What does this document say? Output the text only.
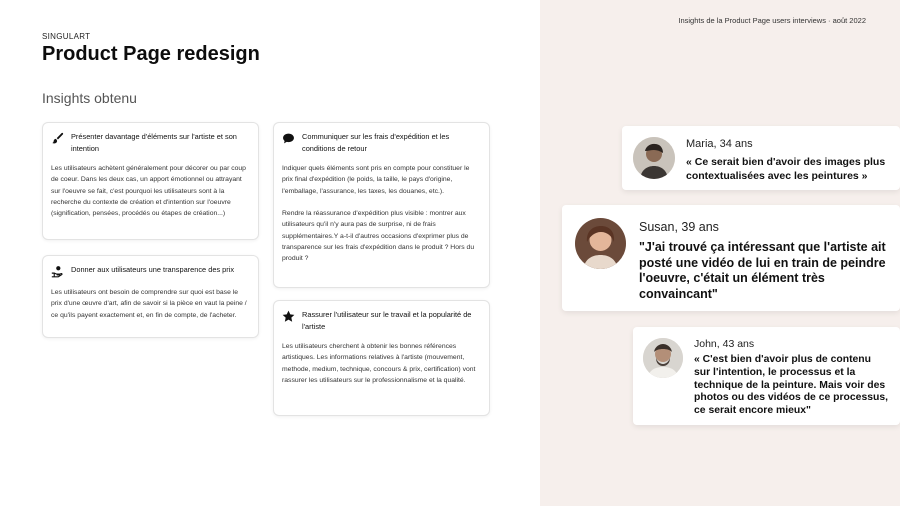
Insights de la Product Page users interviews · août 2022
SINGULART
Product Page redesign
Insights obtenu
Présenter davantage d'éléments sur l'artiste et son intention
Les utilisateurs achètent généralement pour décorer ou par coup de coeur. Dans les deux cas, un apport émotionnel ou attrayant sur l'oeuvre se fait, c'est pourquoi les utilisateurs sont à la recherche du contexte de création et d'intention sur l'oeuvre (signification, pensées, procédés ou étapes de création...)
Donner aux utilisateurs une transparence des prix
Les utilisateurs ont besoin de comprendre sur quoi est base le prix d'une œuvre d'art, afin de savoir si la pièce en vaut la peine / ce qu'ils payent exactement et, en fin de compte, de l'acheter.
Communiquer sur les frais d'expédition et les conditions de retour
Indiquer quels éléments sont pris en compte pour constituer le prix final d'expédition (le poids, la taille, le pays d'origine, l'emballage, l'assurance, les taxes, les douanes, etc.).

Rendre la réassurance d'expédition plus visible : montrer aux utilisateurs qu'il n'y aura pas de surprise, ni de frais supplémentaires.Y a-t-il d'autres occasions d'exprimer plus de transparence sur les frais d'expédition dans le produit ? Hors du produit ?
Rassurer l'utilisateur sur le travail et la popularité de l'artiste
Les utilisateurs cherchent à obtenir les bonnes références artistiques. Les informations relatives à l'artiste (mouvement, methode, medium, technique, concours & prix, certification) vont rassurer les utilisateurs sur le professionnalisme et la qualité.
Maria, 34 ans
« Ce serait bien d'avoir des images plus contextualisées avec les peintures »
Susan, 39 ans
"J'ai trouvé ça intéressant que l'artiste ait posté une vidéo de lui en train de peindre l'oeuvre, c'était un élément très convaincant"
John, 43 ans
« C'est bien d'avoir plus de contenu sur l'intention, le processus et la technique de la peinture. Mais voir des photos ou des vidéos de ce processus, ce serait encore mieux"
